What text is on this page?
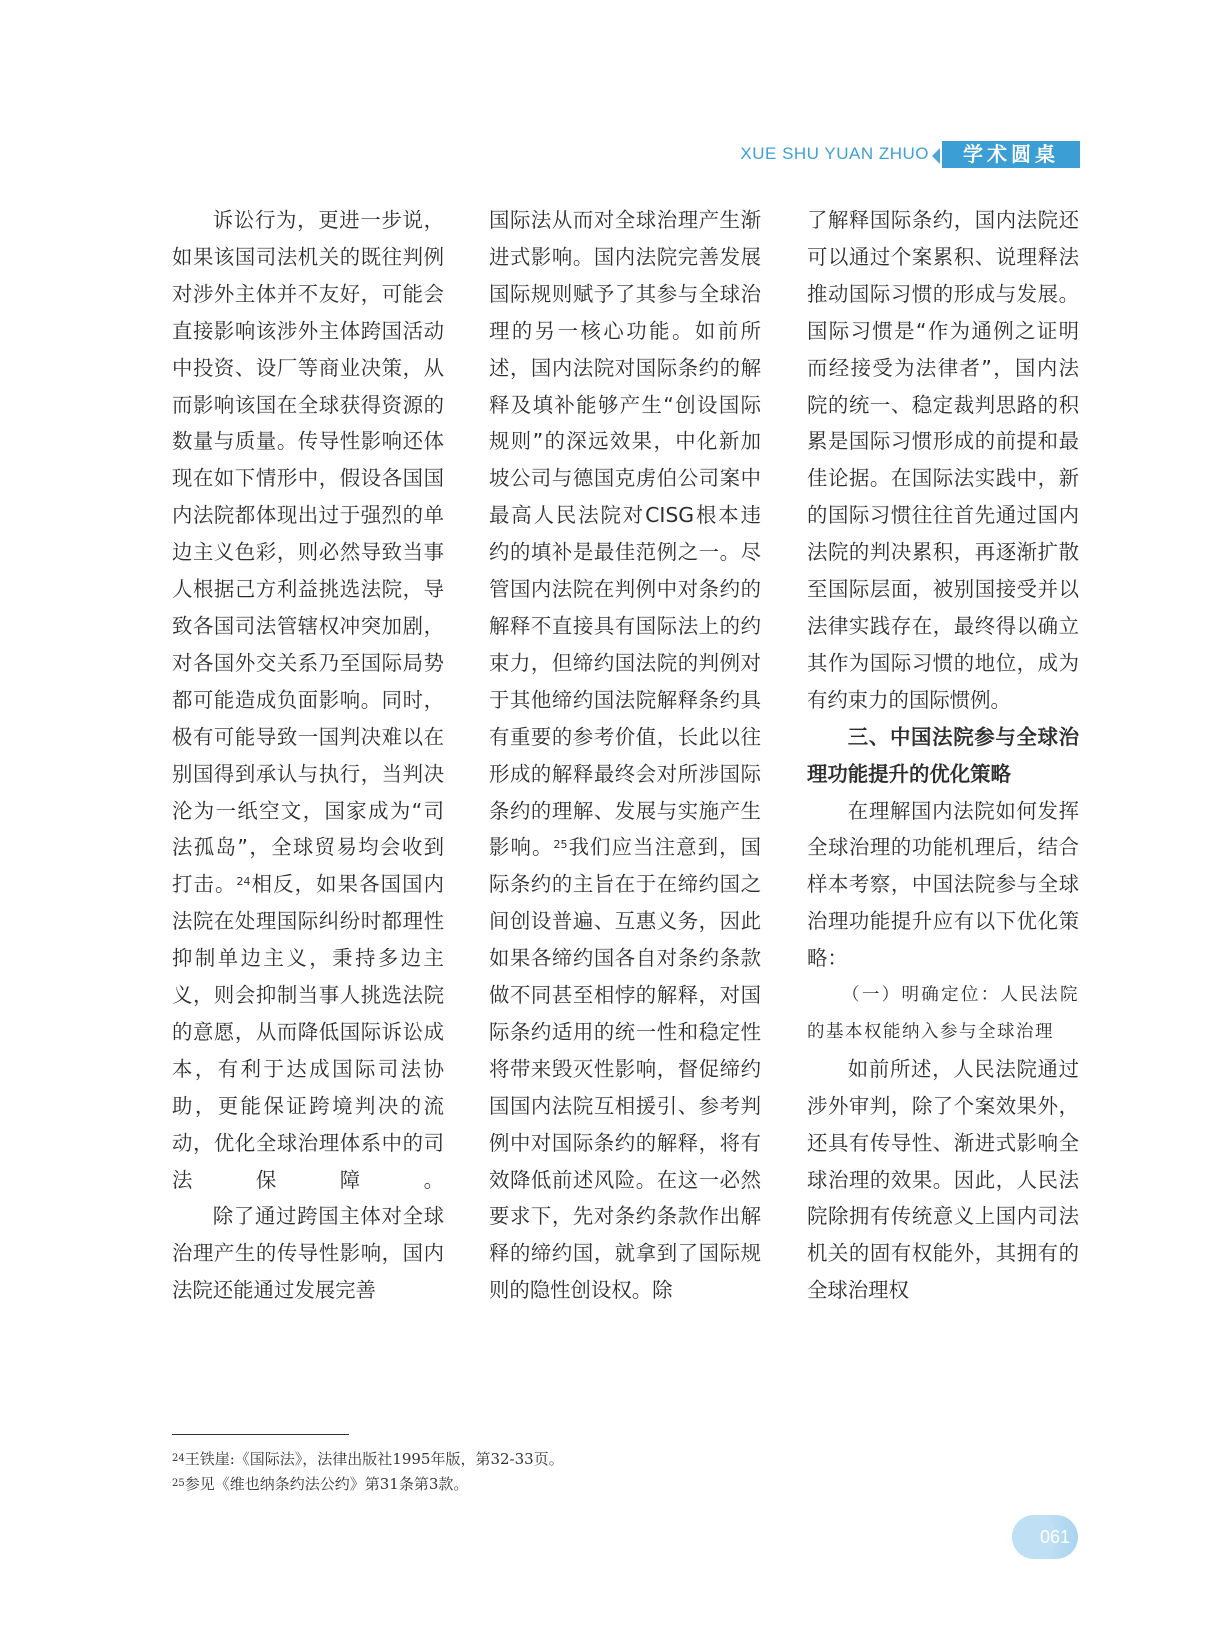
XUE SHU YUAN ZHUO	学术圆桌

诉讼行为，更进一步说，如果该国司法机关的既往判例对涉外主体并不友好，可能会直接影响该涉外主体跨国活动中投资、设厂等商业决策，从而影响该国在全球获得资源的数量与质量。传导性影响还体现在如下情形中，假设各国国内法院都体现出过于强烈的单边主义色彩，则必然导致当事人根据己方利益挑选法院，导致各国司法管辖权冲突加剧，对各国外交关系乃至国际局势都可能造成负面影响。同时，极有可能导致一国判决难以在别国得到承认与执行，当判决沦为一纸空文，国家成为“司法孤岛”，全球贸易均会收到打击。$^{24}$相反，如果各国国内法院在处理国际纠纷时都理性抑制单边主义，秉持多边主义，则会抑制当事人挑选法院的意愿，从而降低国际诉讼成本，有利于达成国际司法协助，更能保证跨境判决的流动，优化全球治理体系中的司法保障。

除了通过跨国主体对全球治理产生的传导性影响，国内法院还能通过发展完善

国际法从而对全球治理产生渐进式影响。国内法院完善发展国际规则赋予了其参与全球治理的另一核心功能。如前所述，国内法院对国际条约的解释及填补能够产生“创设国际规则”的深远效果，中化新加坡公司与德国克虏伯公司案中最高人民法院对CISG根本违约的填补是最佳范例之一。尽管国内法院在判例中对条约的解释不直接具有国际法上的约束力，但缔约国法院的判例对于其他缔约国法院解释条约具有重要的参考价值，长此以往形成的解释最终会对所涉国际条约的理解、发展与实施产生影响。$^{25}$我们应当注意到，国际条约的主旨在于在缔约国之间创设普遍、互惠义务，因此如果各缔约国各自对条约条款做不同甚至相悖的解释，对国际条约适用的统一性和稳定性将带来毁灭性影响，督促缔约国国内法院互相援引、参考判例中对国际条约的解释，将有效降低前述风险。在这一必然要求下，先对条约条款作出解释的缔约国，就拿到了国际规则的隐性创设权。除

了解释国际条约，国内法院还可以通过个案累积、说理释法推动国际习惯的形成与发展。国际习惯是“作为通例之证明而经接受为法律者”，国内法院的统一、稳定裁判思路的积累是国际习惯形成的前提和最佳论据。在国际法实践中，新的国际习惯往往首先通过国内法院的判决累积，再逐渐扩散至国际层面，被别国接受并以法律实践存在，最终得以确立其作为国际习惯的地位，成为有约束力的国际惯例。

三、中国法院参与全球治理功能提升的优化策略

在理解国内法院如何发挥全球治理的功能机理后，结合样本考察，中国法院参与全球治理功能提升应有以下优化策略：

（一）明确定位：人民法院的基本权能纳入参与全球治理

如前所述，人民法院通过涉外审判，除了个案效果外，还具有传导性、渐进式影响全球治理的效果。因此，人民法院除拥有传统意义上国内司法机关的固有权能外，其拥有的全球治理权

$^{24}$王铁崖:《国际法》，法律出版社1995年版，第32-33页。
$^{25}$参见《维也纳条约法公约》第31条第3款。
061
